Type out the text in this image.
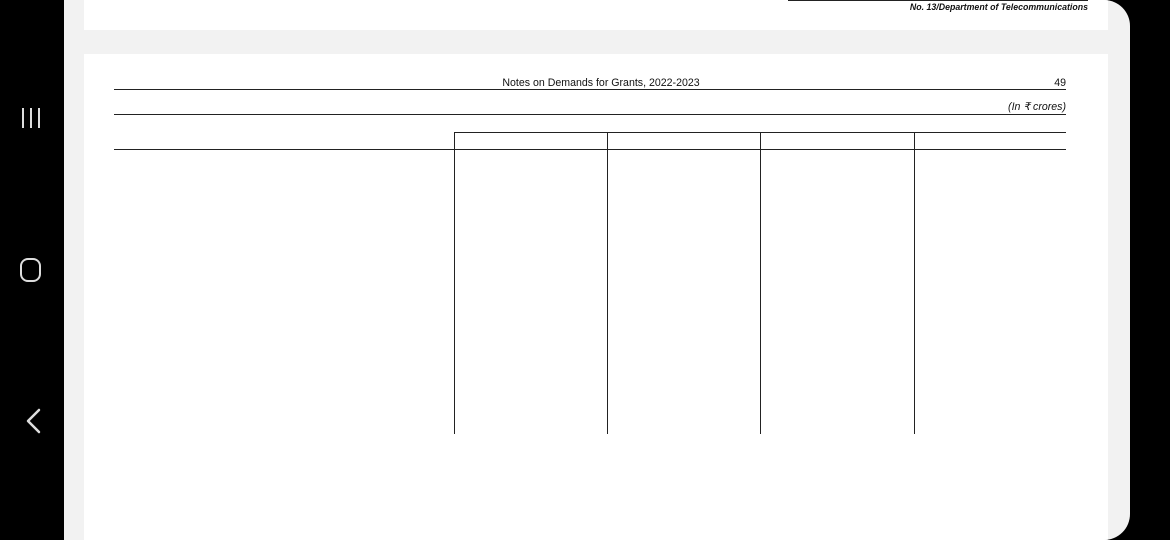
No. 13/Department of Telecommunications
Notes on Demands for Grants, 2022-2023	49
(In ₹ crores)
